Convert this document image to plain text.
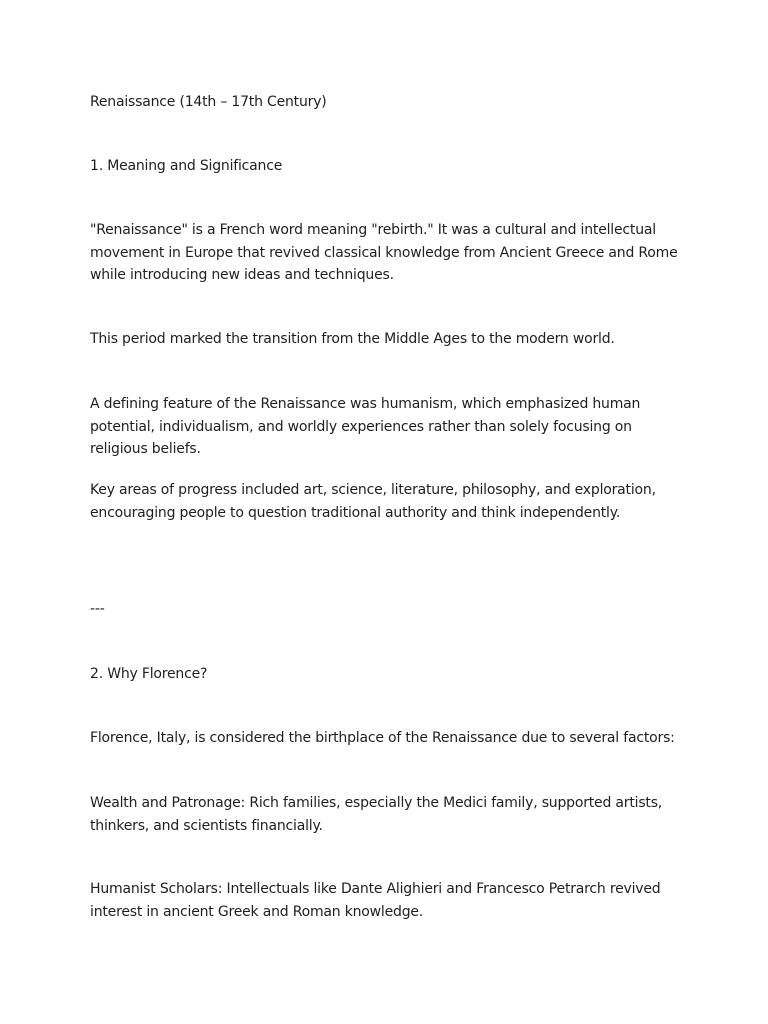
Renaissance (14th – 17th Century)

1. Meaning and Significance

"Renaissance" is a French word meaning "rebirth." It was a cultural and intellectual movement in Europe that revived classical knowledge from Ancient Greece and Rome while introducing new ideas and techniques.

This period marked the transition from the Middle Ages to the modern world.

A defining feature of the Renaissance was humanism, which emphasized human potential, individualism, and worldly experiences rather than solely focusing on religious beliefs.

Key areas of progress included art, science, literature, philosophy, and exploration, encouraging people to question traditional authority and think independently.

---

2. Why Florence?

Florence, Italy, is considered the birthplace of the Renaissance due to several factors:

Wealth and Patronage: Rich families, especially the Medici family, supported artists, thinkers, and scientists financially.

Humanist Scholars: Intellectuals like Dante Alighieri and Francesco Petrarch revived interest in ancient Greek and Roman knowledge.
